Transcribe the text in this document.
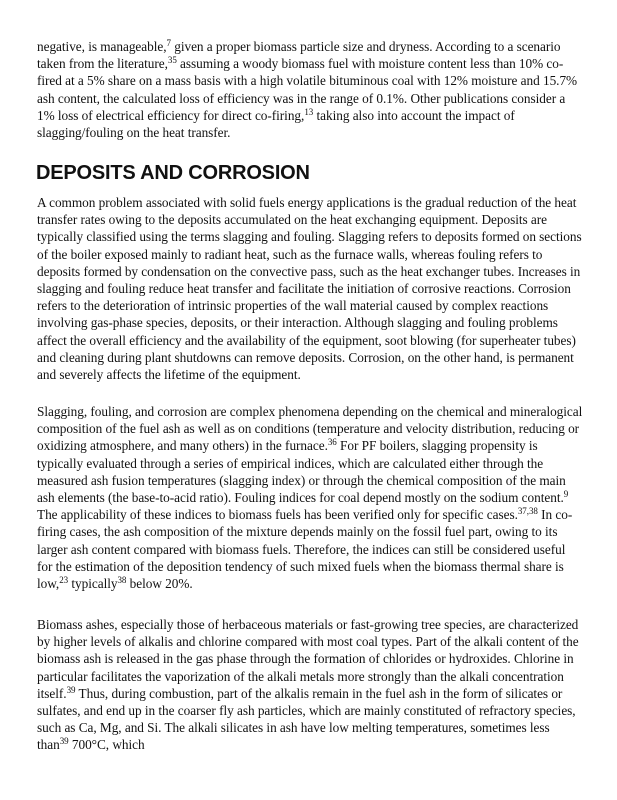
negative, is manageable,$^7$ given a proper biomass particle size and dryness. According to a scenario taken from the literature,$^{35}$ assuming a woody biomass fuel with moisture content less than 10% co-fired at a 5% share on a mass basis with a high volatile bituminous coal with 12% moisture and 15.7% ash content, the calculated loss of efficiency was in the range of 0.1%. Other publications consider a 1% loss of electrical efficiency for direct co-firing,$^{13}$ taking also into account the impact of slagging/fouling on the heat transfer.

DEPOSITS AND CORROSION

A common problem associated with solid fuels energy applications is the gradual reduction of the heat transfer rates owing to the deposits accumulated on the heat exchanging equipment. Deposits are typically classified using the terms slagging and fouling. Slagging refers to deposits formed on sections of the boiler exposed mainly to radiant heat, such as the furnace walls, whereas fouling refers to deposits formed by condensation on the convective pass, such as the heat exchanger tubes. Increases in slagging and fouling reduce heat transfer and facilitate the initiation of corrosive reactions. Corrosion refers to the deterioration of intrinsic properties of the wall material caused by complex reactions involving gas-phase species, deposits, or their interaction. Although slagging and fouling problems affect the overall efficiency and the availability of the equipment, soot blowing (for superheater tubes) and cleaning during plant shutdowns can remove deposits. Corrosion, on the other hand, is permanent and severely affects the lifetime of the equipment.

Slagging, fouling, and corrosion are complex phenomena depending on the chemical and mineralogical composition of the fuel ash as well as on conditions (temperature and velocity distribution, reducing or oxidizing atmosphere, and many others) in the furnace.$^{36}$ For PF boilers, slagging propensity is typically evaluated through a series of empirical indices, which are calculated either through the measured ash fusion temperatures (slagging index) or through the chemical composition of the main ash elements (the base-to-acid ratio). Fouling indices for coal depend mostly on the sodium content.$^9$ The applicability of these indices to biomass fuels has been verified only for specific cases.$^{37,38}$ In co-firing cases, the ash composition of the mixture depends mainly on the fossil fuel part, owing to its larger ash content compared with biomass fuels. Therefore, the indices can still be considered useful for the estimation of the deposition tendency of such mixed fuels when the biomass thermal share is low,$^{23}$ typically$^{38}$ below 20%.

Biomass ashes, especially those of herbaceous materials or fast-growing tree species, are characterized by higher levels of alkalis and chlorine compared with most coal types. Part of the alkali content of the biomass ash is released in the gas phase through the formation of chlorides or hydroxides. Chlorine in particular facilitates the vaporization of the alkali metals more strongly than the alkali concentration itself.$^{39}$ Thus, during combustion, part of the alkalis remain in the fuel ash in the form of silicates or sulfates, and end up in the coarser fly ash particles, which are mainly constituted of refractory species, such as Ca, Mg, and Si. The alkali silicates in ash have low melting temperatures, sometimes less than$^{39}$ 700°C, which
